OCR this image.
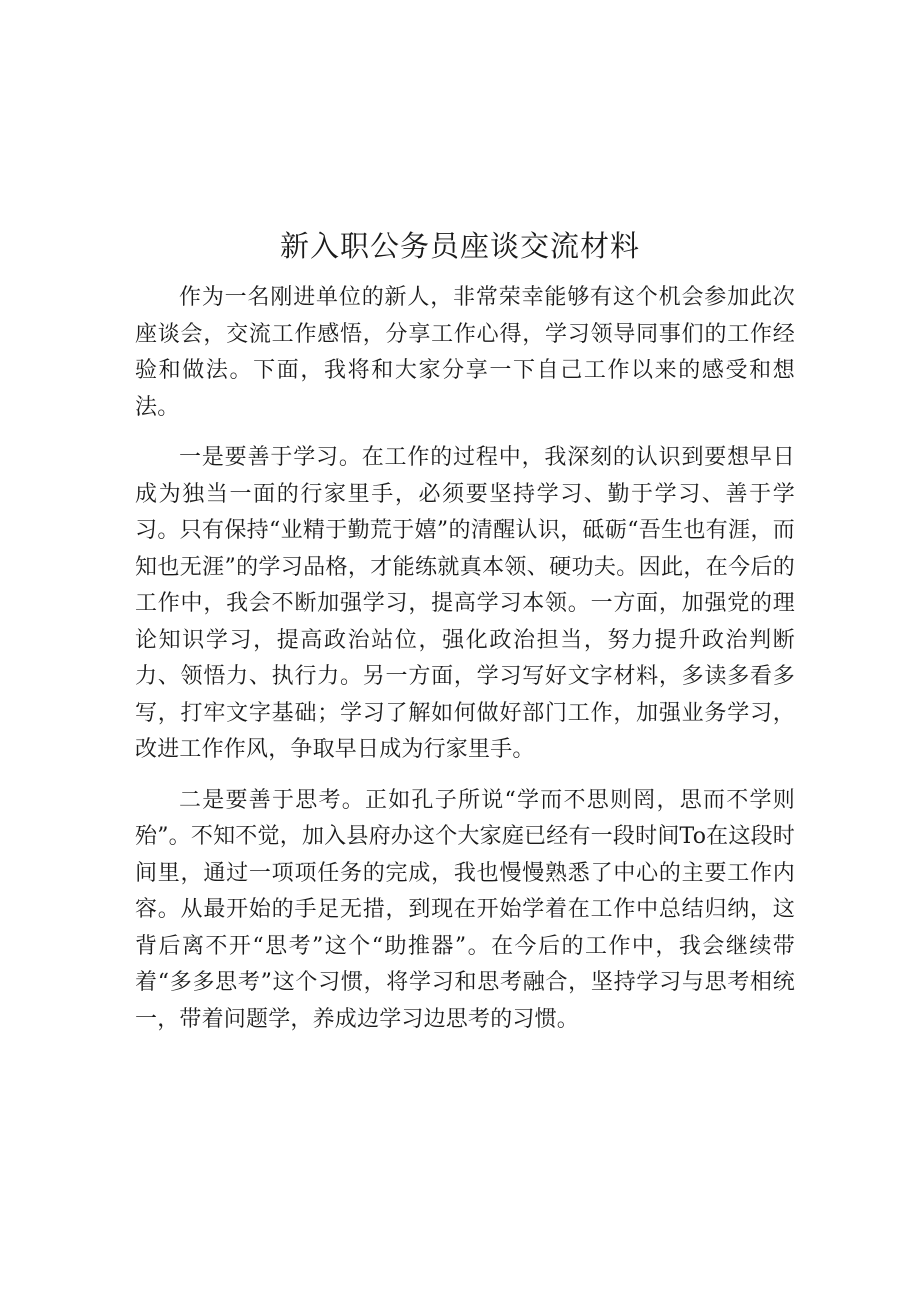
新入职公务员座谈交流材料

作为一名刚进单位的新人，非常荣幸能够有这个机会参加此次座谈会，交流工作感悟，分享工作心得，学习领导同事们的工作经验和做法。下面，我将和大家分享一下自己工作以来的感受和想法。

一是要善于学习。在工作的过程中，我深刻的认识到要想早日成为独当一面的行家里手，必须要坚持学习、勤于学习、善于学习。只有保持“业精于勤荒于嬉”的清醒认识，砥砺“吾生也有涯，而知也无涯”的学习品格，才能练就真本领、硬功夫。因此，在今后的工作中，我会不断加强学习，提高学习本领。一方面，加强党的理论知识学习，提高政治站位，强化政治担当，努力提升政治判断力、领悟力、执行力。另一方面，学习写好文字材料，多读多看多写，打牢文字基础；学习了解如何做好部门工作，加强业务学习，改进工作作风，争取早日成为行家里手。

二是要善于思考。正如孔子所说“学而不思则罔，思而不学则殆”。不知不觉，加入县府办这个大家庭已经有一段时间To在这段时间里，通过一项项任务的完成，我也慢慢熟悉了中心的主要工作内容。从最开始的手足无措，到现在开始学着在工作中总结归纳，这背后离不开“思考”这个“助推器”。在今后的工作中，我会继续带着“多多思考”这个习惯，将学习和思考融合，坚持学习与思考相统一，带着问题学，养成边学习边思考的习惯。
